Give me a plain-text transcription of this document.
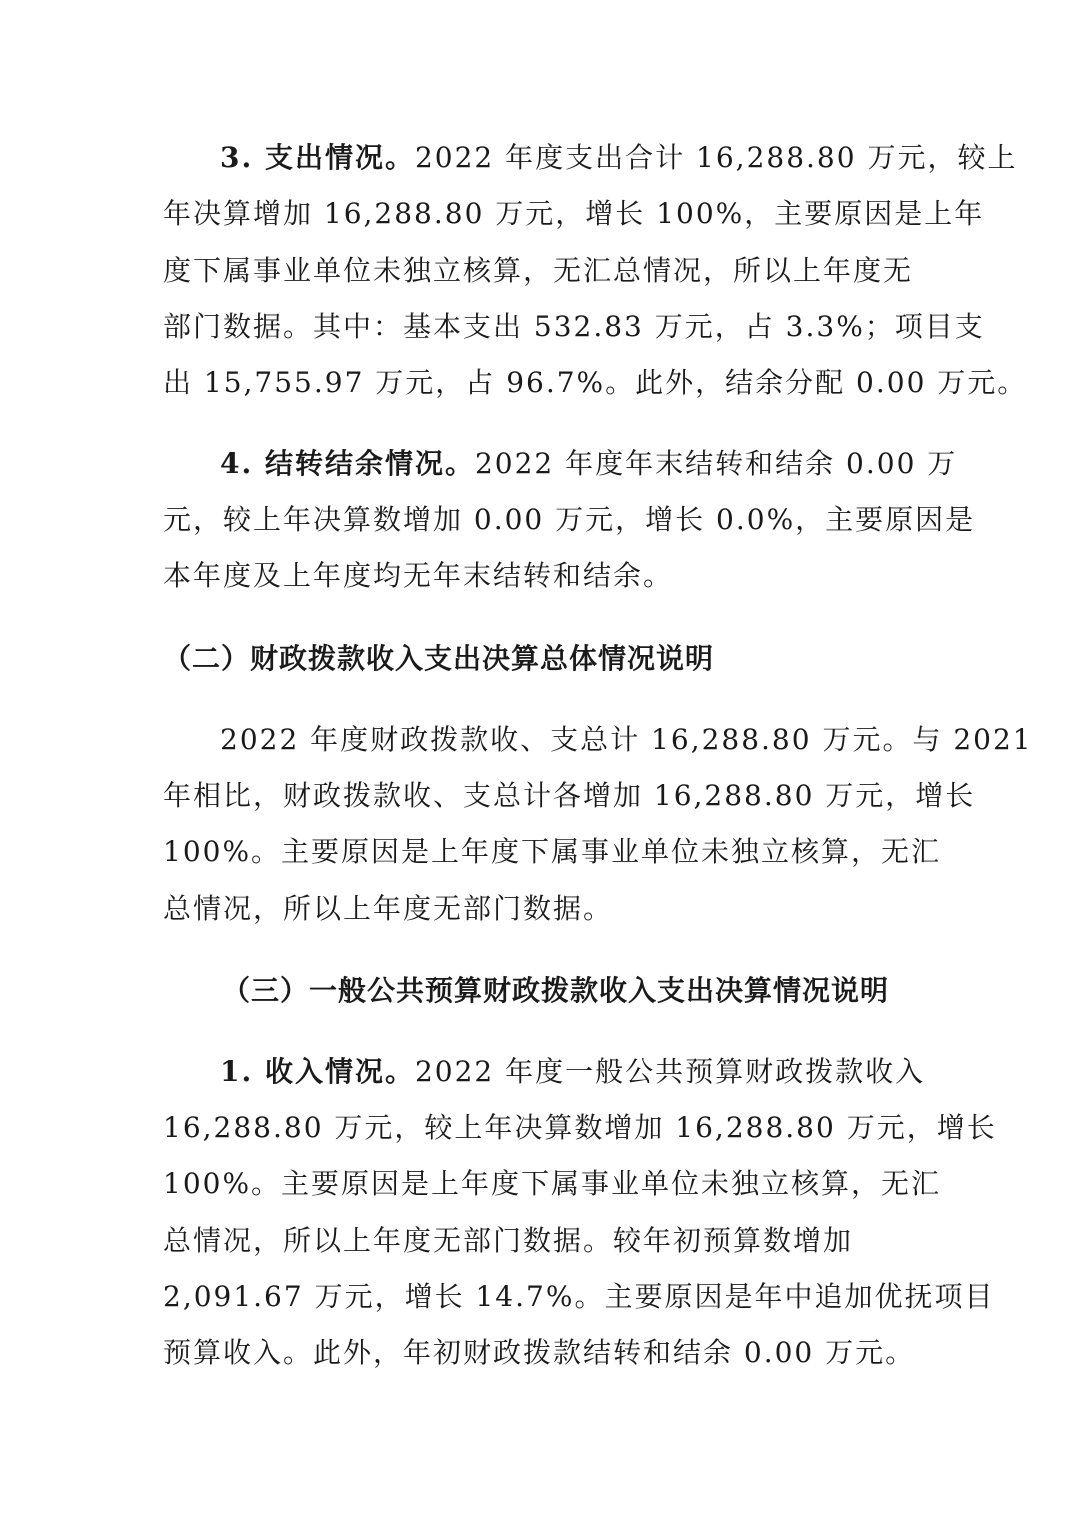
3. 支出情况。2022 年度支出合计 16,288.80 万元，较上
年决算增加 16,288.80 万元，增长 100%，主要原因是上年
度下属事业单位未独立核算，无汇总情况，所以上年度无
部门数据。其中：基本支出 532.83 万元，占 3.3%；项目支
出 15,755.97 万元，占 96.7%。此外，结余分配 0.00 万元。
4. 结转结余情况。2022 年度年末结转和结余 0.00 万
元，较上年决算数增加 0.00 万元，增长 0.0%，主要原因是
本年度及上年度均无年末结转和结余。
（二）财政拨款收入支出决算总体情况说明
2022 年度财政拨款收、支总计 16,288.80 万元。与 2021
年相比，财政拨款收、支总计各增加 16,288.80 万元，增长
100%。主要原因是上年度下属事业单位未独立核算，无汇
总情况，所以上年度无部门数据。
（三）一般公共预算财政拨款收入支出决算情况说明
1. 收入情况。2022 年度一般公共预算财政拨款收入
16,288.80 万元，较上年决算数增加 16,288.80 万元，增长
100%。主要原因是上年度下属事业单位未独立核算，无汇
总情况，所以上年度无部门数据。较年初预算数增加
2,091.67 万元，增长 14.7%。主要原因是年中追加优抚项目
预算收入。此外，年初财政拨款结转和结余 0.00 万元。
